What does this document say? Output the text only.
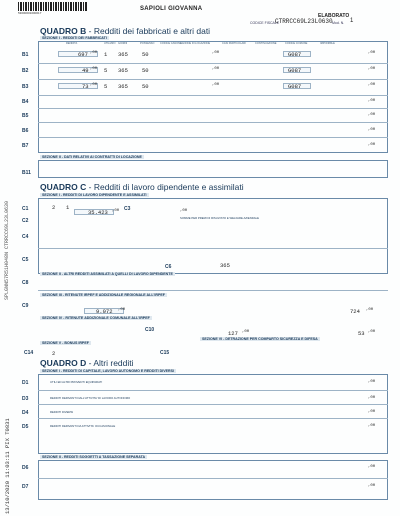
53000001000017
SAPIOLI GIOVANNA
ELABORATO
CODICE FISCALE
CTRRCC69L23L0630 Mod. N. 1
SPLGNN57R51H048N CTRRCC69L23L0630
13/10/2020 11:03:11 PIX T0831
QUADRO B - Redditi dei fabbricati e altri dati
SEZIONE I - REDDITI DEI FABBRICATI
RENDITA	UTILIZZO GIORNI	POSSESSO CODICE CANONE
CANONE DI LOCAZIONE	CASI PARTICOLARI	CONTINUAZIONE	CODICE COMUNE	IMPONIBILE
B1	697 ,00 1 365	50	,00	G087	,00
B2	49 ,00 5 365	50	,00	G087	,00
B3	73 ,00 5 365	50	,00	G087	,00
B4	,00
B5	,00
B6	,00
B7	,00
SEZIONE II - DATI RELATIVI AI CONTRATTI DI LOCAZIONE
B11
QUADRO C - Redditi di lavoro dipendente e assimilati
SEZIONE I - REDDITI DI LAVORO DIPENDENTE E ASSIMILATI
C1	2 1
35.423 ,00 C3	,00
C2	SOMME PER PREMI DI RISULTATO E WELFARE AZIENDALE
C4
C5
C6	365
SEZIONE II - ALTRI REDDITI ASSIMILATI A QUELLI DI LAVORO DIPENDENTE
C8
SEZIONE III - RITENUTE IRPEF E ADDIZIONALE REGIONALE ALL'IRPEF
C9
9.072 ,00	724 ,00
SEZIONE IV - RITENUTE ADDIZIONALE COMUNALE ALL'IRPEF
C10	127 ,00	53 ,00
SEZIONE V - BONUS IRPEF
SEZIONE VI - DETRAZIONE PER COMPARTO SICUREZZA E DIFESA
2
C14	C15
QUADRO D - Altri redditi
SEZIONE I - REDDITI DI CAPITALE, LAVORO AUTONOMO E REDDITI DIVERSI
D1	UTILI ED ALTRI PROVENTI EQUIPARATI	,00
D3	REDDITI DERIVANTI DALL'ATTIVITA' DI LAVORO AUTONOMO	,00
D4	REDDITI DIVERSI	,00
D5	REDDITI DERIVANTI DA ATTIVITA' OCCASIONALE	,00
SEZIONE II - REDDITI SOGGETTI A TASSAZIONE SEPARATA
D6	,00
D7	,00
